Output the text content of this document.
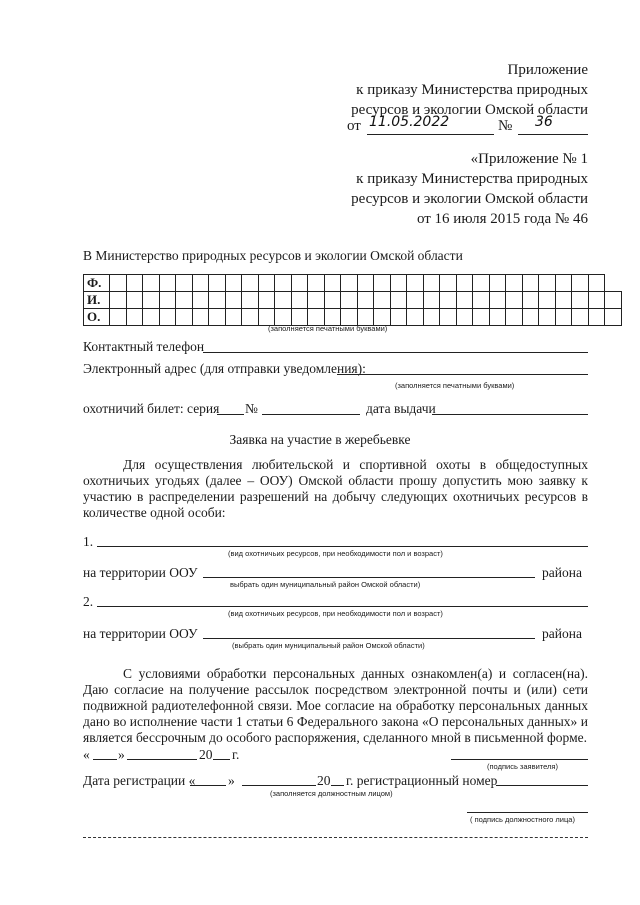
Приложение
к приказу Министерства природных
ресурсов и экологии Омской области
от 11.05.2022	№ 36
«Приложение № 1
к приказу Министерства природных
ресурсов и экологии Омской области
от 16 июля 2015 года № 46
В Министерство природных ресурсов и экологии Омской области
Ф.																															
И.																															
О.																															
(заполняется печатными буквами)
Контактный телефон
Электронный адрес (для отправки уведомления):
(заполняется печатными буквами)
охотничий билет: серия №	дата выдачи
Заявка на участие в жеребьевке
Для осуществления любительской и спортивной охоты в общедоступных охотничьих угодьях (далее – ООУ) Омской области прошу допустить мою заявку к участию в распределении разрешений на добычу следующих охотничьих ресурсов в количестве одной особи:
1.
(вид охотничьих ресурсов, при необходимости пол и возраст)
на территории ООУ	района
выбрать один муниципальный район Омской области)
2.
(вид охотничьих ресурсов, при необходимости пол и возраст)
на территории ООУ	района
(выбрать один муниципальный район Омской области)
С условиями обработки персональных данных ознакомлен(а) и согласен(на). Даю согласие на получение рассылок посредством электронной почты и (или) сети подвижной радиотелефонной связи. Мое согласие на обработку персональных данных дано во исполнение части 1 статьи 6 Федерального закона «О персональных данных» и является бессрочным до особого распоряжения, сделанного мной в письменной форме.
« »	20 г.
(подпись заявителя)
Дата регистрации « »	20 г. регистрационный номер
(заполняется должностным лицом)
( подпись должностного лица)
